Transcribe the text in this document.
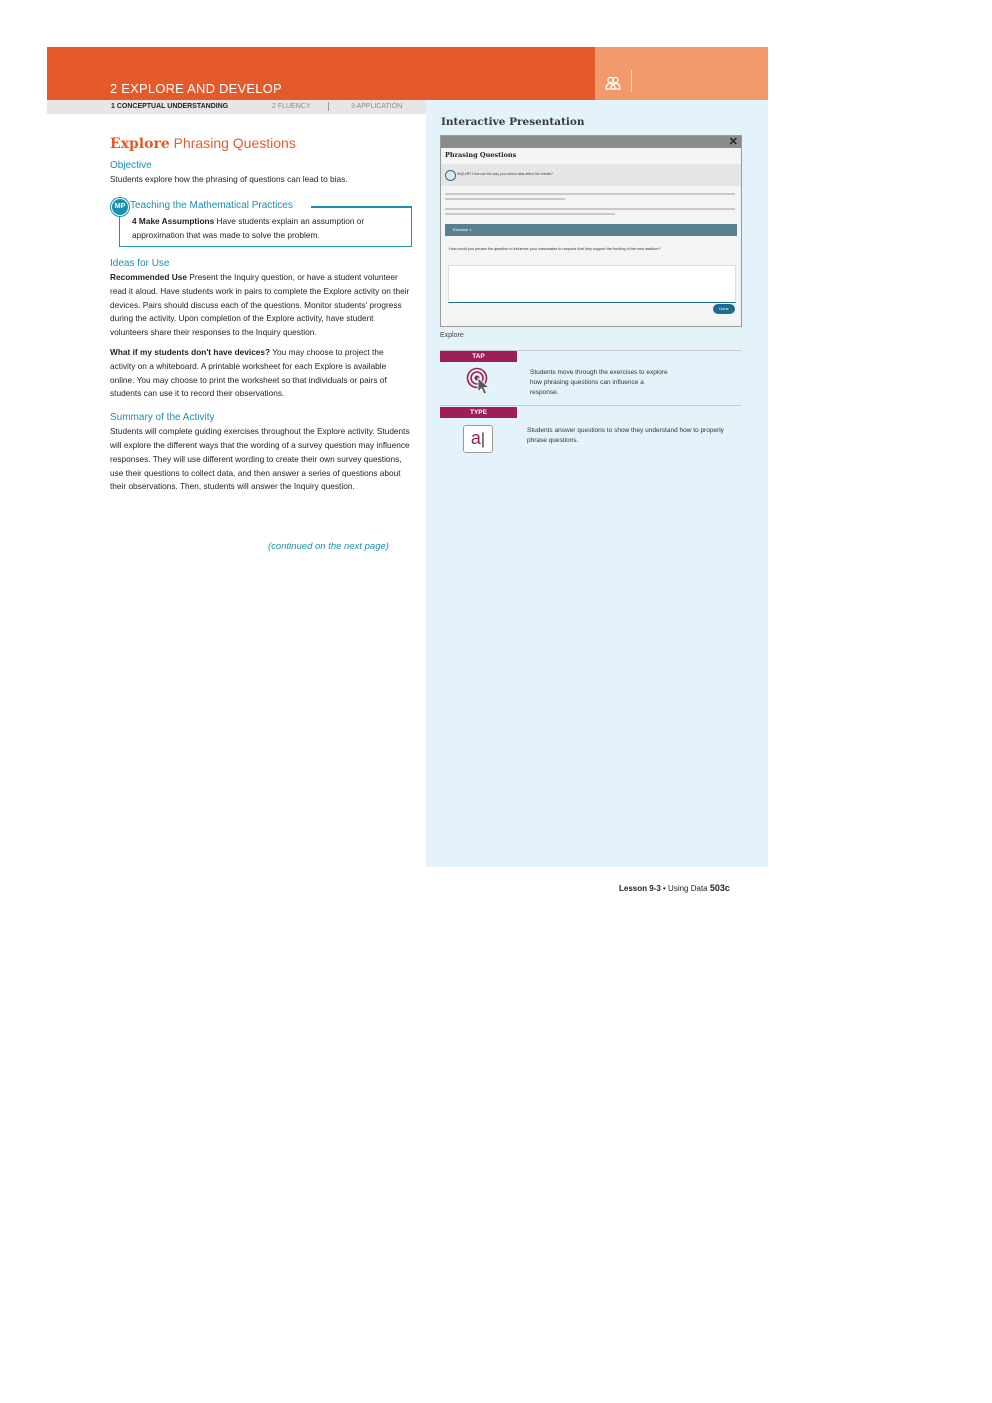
2 EXPLORE AND DEVELOP
1 CONCEPTUAL UNDERSTANDING	2 FLUENCY	3 APPLICATION

Explore Phrasing Questions

Objective

Students explore how the phrasing of questions can lead to bias.

MP Teaching the Mathematical Practices
4 Make Assumptions Have students explain an assumption or approximation that was made to solve the problem.

Ideas for Use

Recommended Use Present the Inquiry question, or have a student volunteer read it aloud. Have students work in pairs to complete the Explore activity on their devices. Pairs should discuss each of the questions. Monitor students' progress during the activity. Upon completion of the Explore activity, have student volunteers share their responses to the Inquiry question.

What if my students don't have devices? You may choose to project the activity on a whiteboard. A printable worksheet for each Explore is available online. You may choose to print the worksheet so that individuals or pairs of students can use it to record their observations.

Summary of the Activity

Students will complete guiding exercises throughout the Explore activity. Students will explore the different ways that the wording of a survey question may influence responses. They will use different wording to create their own survey questions, use their questions to collect data, and then answer a series of questions about their observations. Then, students will answer the Inquiry question.

(continued on the next page)
Interactive Presentation
✕
Phrasing Questions
INQUIRY How can the way you collect data affect the results?
Exercise 1
How could you phrase the question to influence your classmates to respond that they support the funding of the new stadium?
Done
Explore
TAP
Students move through the exercises to explore how phrasing questions can influence a response.
TYPE
a|
Students answer questions to show they understand how to properly phrase questions.
Lesson 9-3 • Using Data 503c
